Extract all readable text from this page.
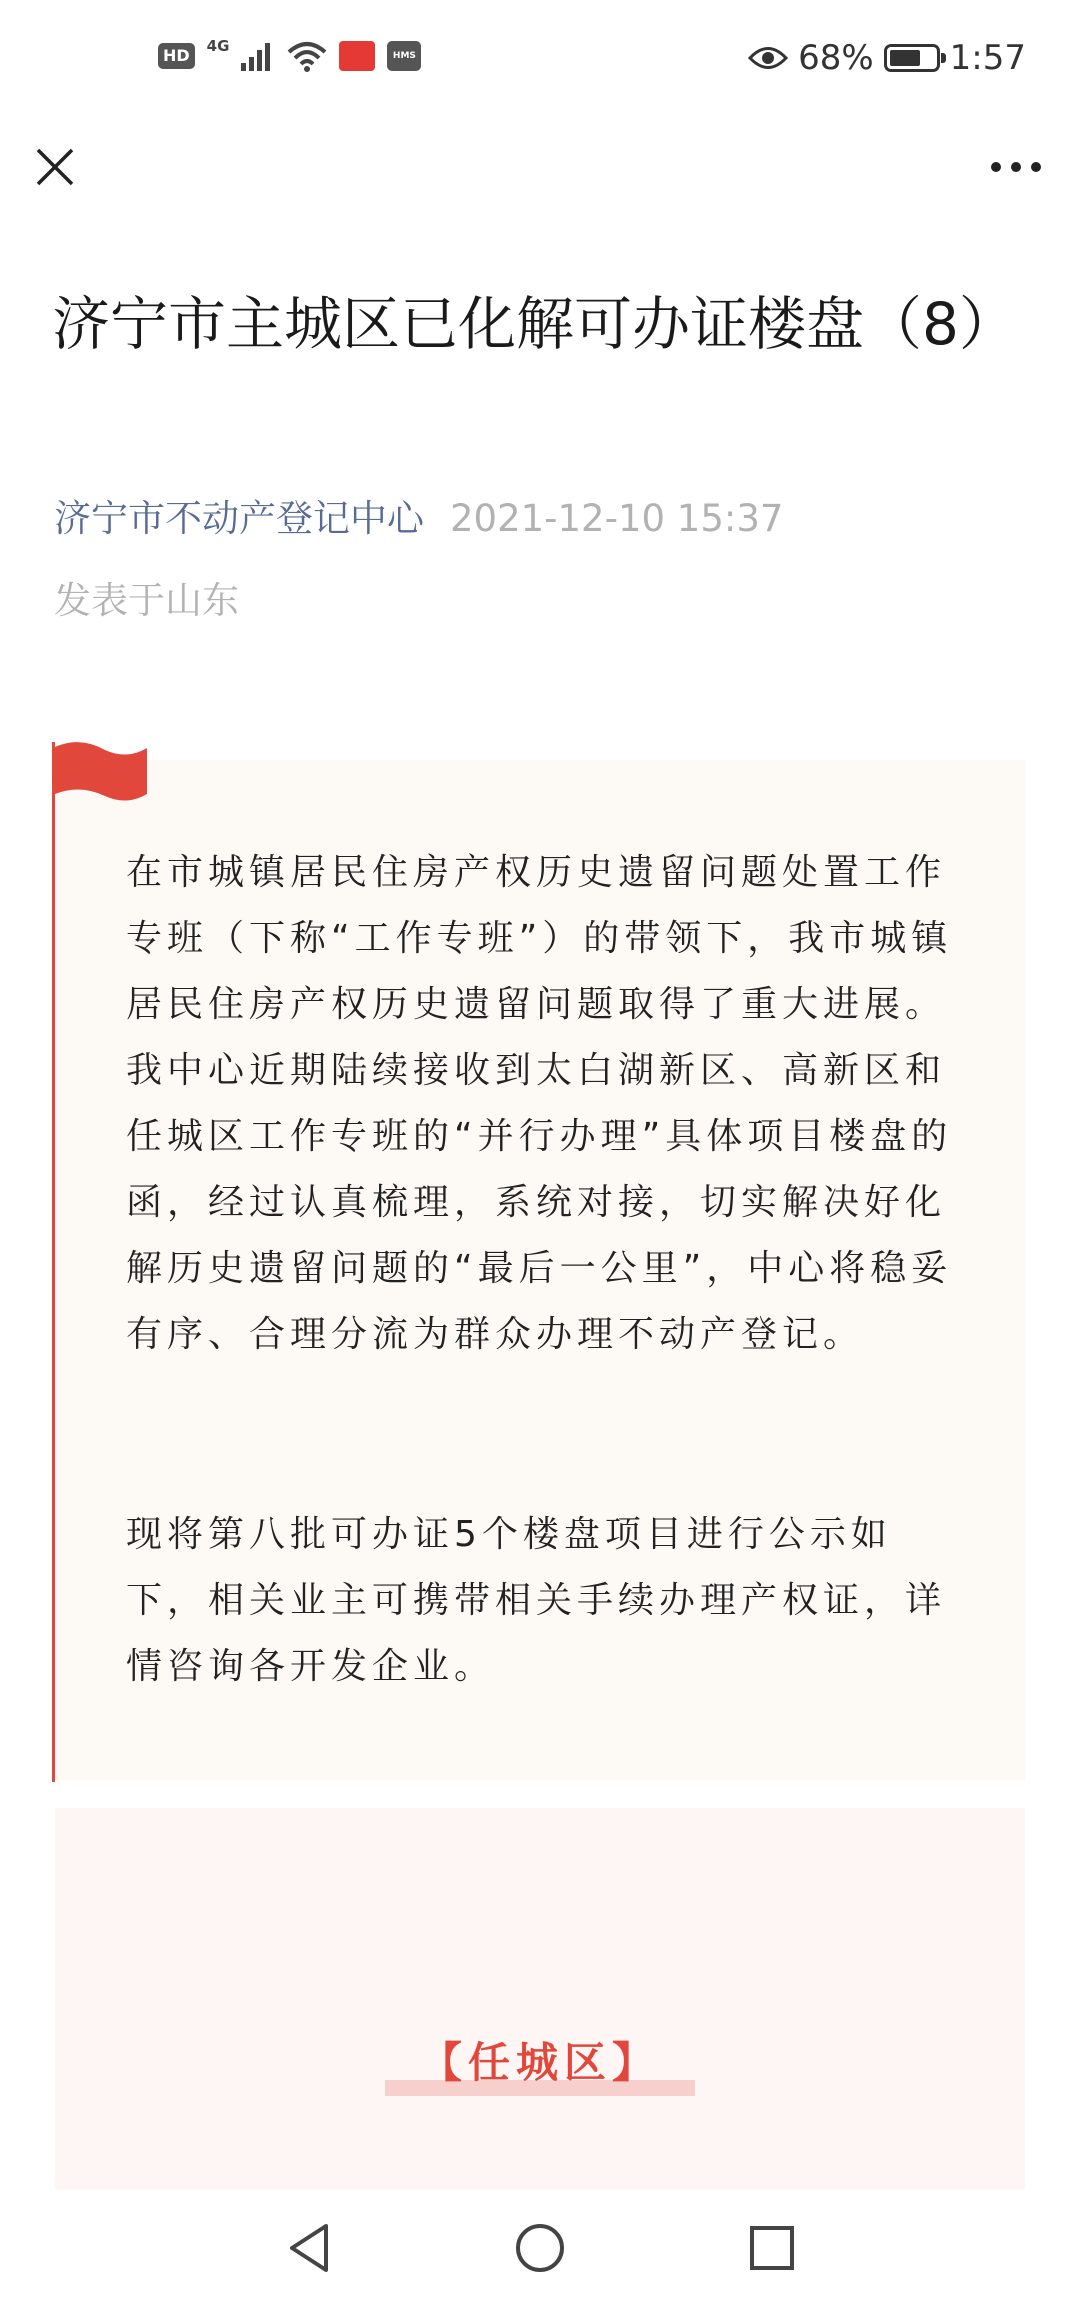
HD	4G
HMS	68% 1:57
济宁市主城区已化解可办证楼盘（8）
济宁市不动产登记中心 2021-12-10 15:37
发表于山东

在市城镇居民住房产权历史遗留问题处置工作专班（下称“工作专班”）的带领下，我市城镇居民住房产权历史遗留问题取得了重大进展。我中心近期陆续接收到太白湖新区、高新区和任城区工作专班的“并行办理”具体项目楼盘的函，经过认真梳理，系统对接，切实解决好化解历史遗留问题的“最后一公里”，中心将稳妥有序、合理分流为群众办理不动产登记。

现将第八批可办证5个楼盘项目进行公示如下，相关业主可携带相关手续办理产权证，详情咨询各开发企业。

【任城区】
